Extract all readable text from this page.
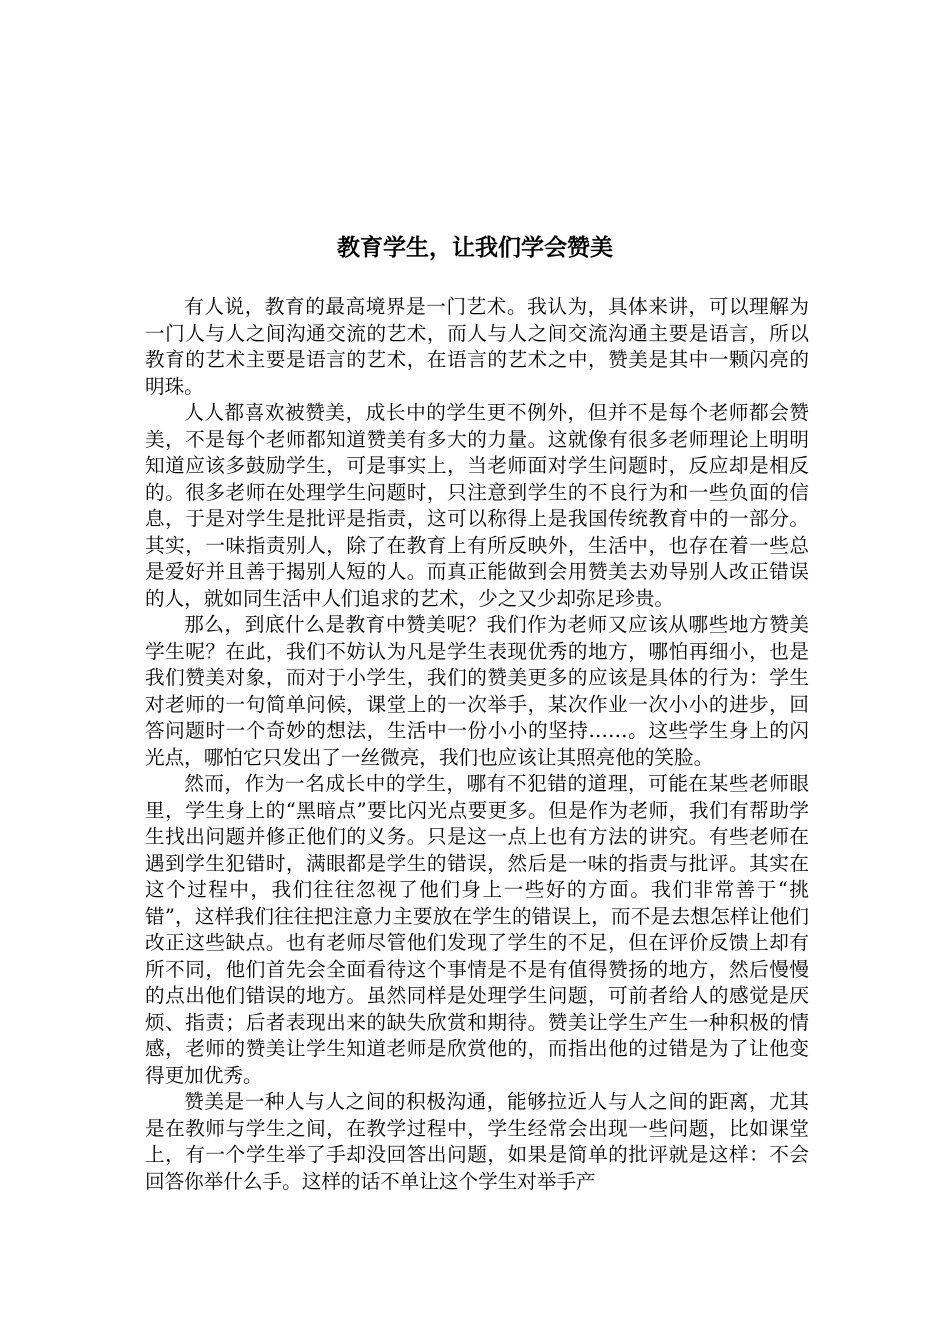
教育学生，让我们学会赞美

有人说，教育的最高境界是一门艺术。我认为，具体来讲，可以理解为一门人与人之间沟通交流的艺术，而人与人之间交流沟通主要是语言，所以教育的艺术主要是语言的艺术，在语言的艺术之中，赞美是其中一颗闪亮的明珠。

人人都喜欢被赞美，成长中的学生更不例外，但并不是每个老师都会赞美，不是每个老师都知道赞美有多大的力量。这就像有很多老师理论上明明知道应该多鼓励学生，可是事实上，当老师面对学生问题时，反应却是相反的。很多老师在处理学生问题时，只注意到学生的不良行为和一些负面的信息，于是对学生是批评是指责，这可以称得上是我国传统教育中的一部分。其实，一味指责别人，除了在教育上有所反映外，生活中，也存在着一些总是爱好并且善于揭别人短的人。而真正能做到会用赞美去劝导别人改正错误的人，就如同生活中人们追求的艺术，少之又少却弥足珍贵。

那么，到底什么是教育中赞美呢？我们作为老师又应该从哪些地方赞美学生呢？在此，我们不妨认为凡是学生表现优秀的地方，哪怕再细小，也是我们赞美对象，而对于小学生，我们的赞美更多的应该是具体的行为：学生对老师的一句简单问候，课堂上的一次举手，某次作业一次小小的进步，回答问题时一个奇妙的想法，生活中一份小小的坚持……。这些学生身上的闪光点，哪怕它只发出了一丝微亮，我们也应该让其照亮他的笑脸。

然而，作为一名成长中的学生，哪有不犯错的道理，可能在某些老师眼里，学生身上的“黑暗点”要比闪光点要更多。但是作为老师，我们有帮助学生找出问题并修正他们的义务。只是这一点上也有方法的讲究。有些老师在遇到学生犯错时，满眼都是学生的错误，然后是一味的指责与批评。其实在这个过程中，我们往往忽视了他们身上一些好的方面。我们非常善于“挑错”，这样我们往往把注意力主要放在学生的错误上，而不是去想怎样让他们改正这些缺点。也有老师尽管他们发现了学生的不足，但在评价反馈上却有所不同，他们首先会全面看待这个事情是不是有值得赞扬的地方，然后慢慢的点出他们错误的地方。虽然同样是处理学生问题，可前者给人的感觉是厌烦、指责；后者表现出来的缺失欣赏和期待。赞美让学生产生一种积极的情感，老师的赞美让学生知道老师是欣赏他的，而指出他的过错是为了让他变得更加优秀。

赞美是一种人与人之间的积极沟通，能够拉近人与人之间的距离，尤其是在教师与学生之间，在教学过程中，学生经常会出现一些问题，比如课堂上，有一个学生举了手却没回答出问题，如果是简单的批评就是这样：不会回答你举什么手。这样的话不单让这个学生对举手产
